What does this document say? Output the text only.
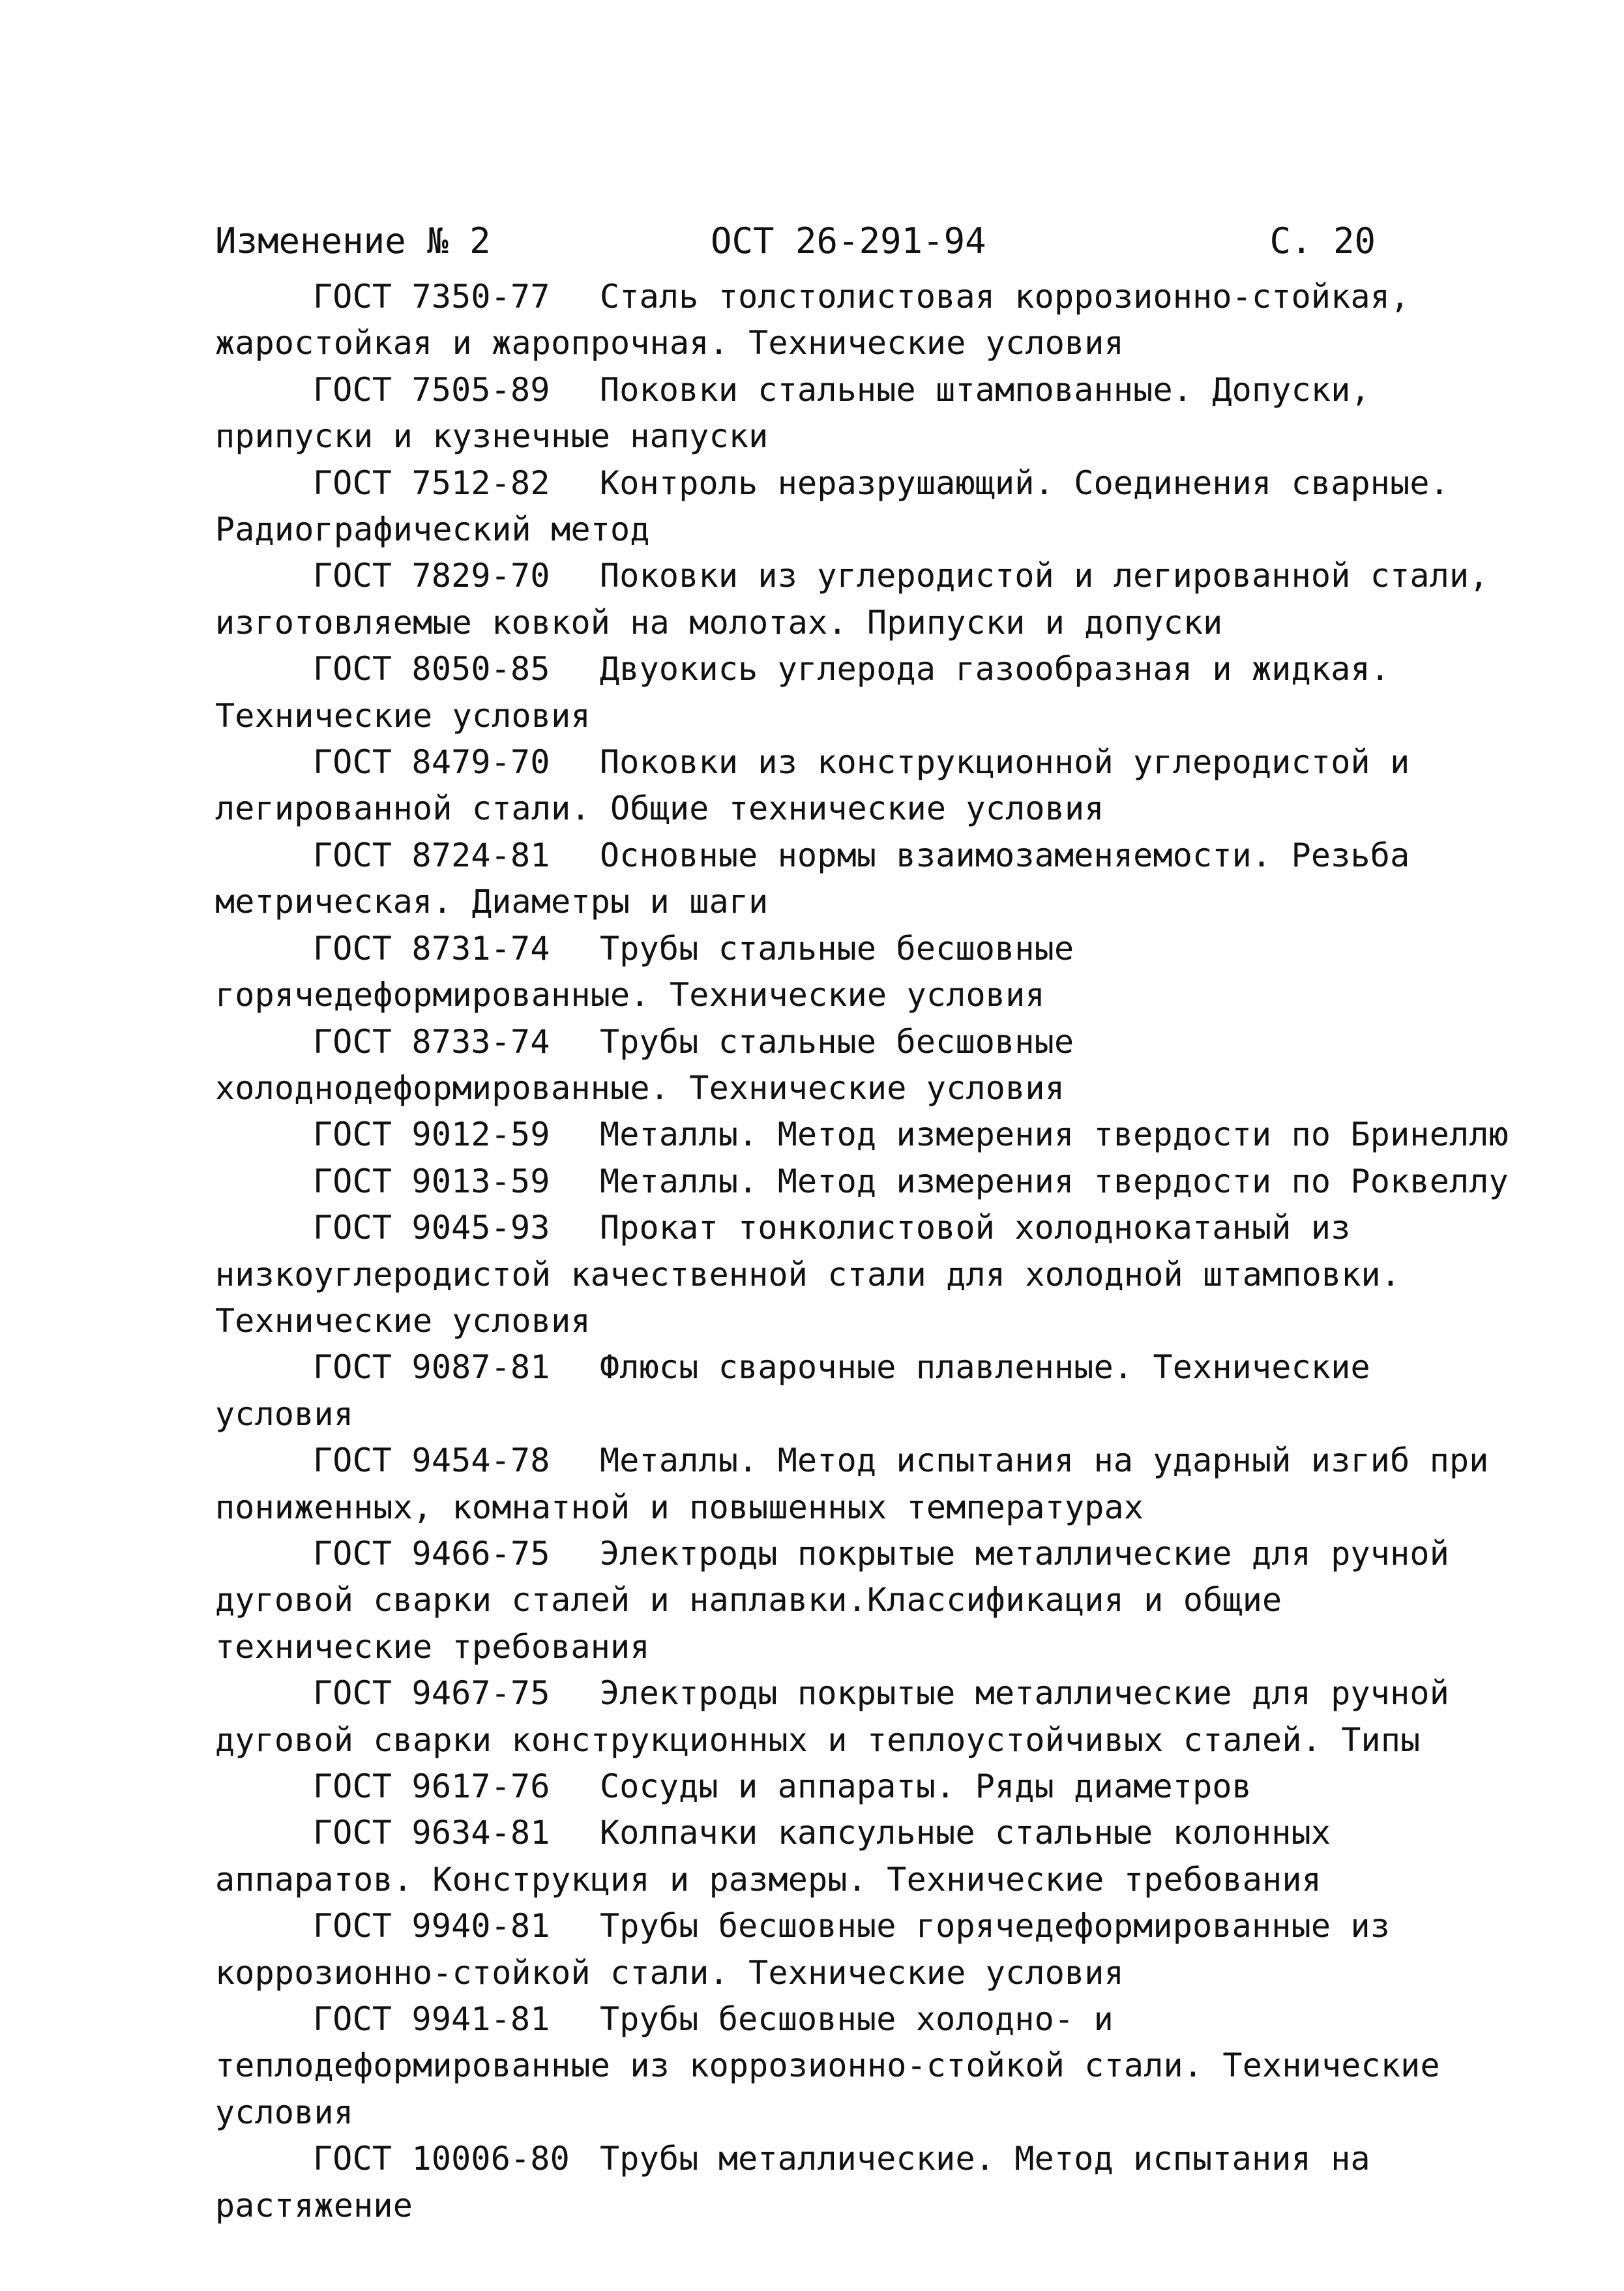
Изменение № 2	ОСТ 26-291-94	С. 20

ГОСТ 7350-77 Сталь толстолистовая коррозионно-стойкая, жаростойкая и жаропрочная. Технические условия

ГОСТ 7505-89 Поковки стальные штампованные. Допуски, припуски и кузнечные напуски

ГОСТ 7512-82 Контроль неразрушающий. Соединения сварные. Радиографический метод

ГОСТ 7829-70 Поковки из углеродистой и легированной стали, изготовляемые ковкой на молотах. Припуски и допуски

ГОСТ 8050-85 Двуокись углерода газообразная и жидкая. Технические условия

ГОСТ 8479-70 Поковки из конструкционной углеродистой и легированной стали. Общие технические условия

ГОСТ 8724-81 Основные нормы взаимозаменяемости. Резьба метрическая. Диаметры и шаги

ГОСТ 8731-74 Трубы стальные бесшовные горячедеформированные. Технические условия

ГОСТ 8733-74 Трубы стальные бесшовные холоднодеформированные. Технические условия

ГОСТ 9012-59 Металлы. Метод измерения твердости по Бринеллю

ГОСТ 9013-59 Металлы. Метод измерения твердости по Роквеллу

ГОСТ 9045-93 Прокат тонколистовой холоднокатаный из низкоуглеродистой качественной стали для холодной штамповки. Технические условия

ГОСТ 9087-81 Флюсы сварочные плавленные. Технические условия

ГОСТ 9454-78 Металлы. Метод испытания на ударный изгиб при пониженных, комнатной и повышенных температурах

ГОСТ 9466-75 Электроды покрытые металлические для ручной дуговой сварки сталей и наплавки.Классификация и общие технические требования

ГОСТ 9467-75 Электроды покрытые металлические для ручной дуговой сварки конструкционных и теплоустойчивых сталей. Типы

ГОСТ 9617-76 Сосуды и аппараты. Ряды диаметров

ГОСТ 9634-81 Колпачки капсульные стальные колонных аппаратов. Конструкция и размеры. Технические требования

ГОСТ 9940-81 Трубы бесшовные горячедеформированные из коррозионно-стойкой стали. Технические условия

ГОСТ 9941-81 Трубы бесшовные холодно- и теплодеформированные из коррозионно-стойкой стали. Технические условия

ГОСТ 10006-80 Трубы металлические. Метод испытания на растяжение
